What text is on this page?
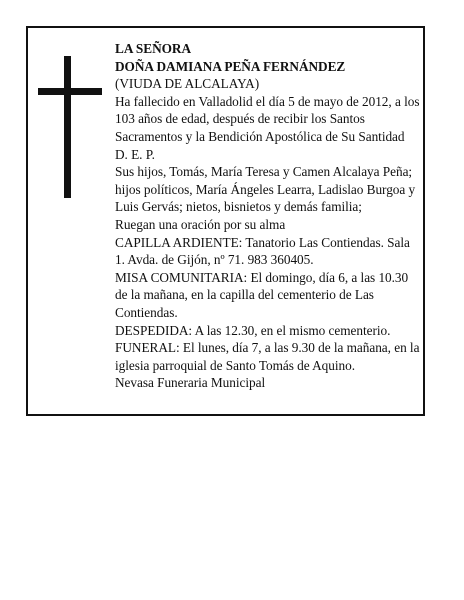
LA SEÑORA

DOÑA DAMIANA PEÑA FERNÁNDEZ

(VIUDA DE ALCALAYA)

Ha fallecido en Valladolid el día 5 de mayo de 2012, a los 103 años de edad, después de recibir los Santos Sacramentos y la Bendición Apostólica de Su Santidad

D. E. P.

Sus hijos, Tomás, María Teresa y Camen Alcalaya Peña; hijos políticos, María Ángeles Learra, Ladislao Burgoa y Luis Gervás; nietos, bisnietos y demás familia;

Ruegan una oración por su alma

CAPILLA ARDIENTE: Tanatorio Las Contiendas. Sala 1. Avda. de Gijón, nº 71. 983 360405.

MISA COMUNITARIA: El domingo, día 6, a las 10.30 de la mañana, en la capilla del cementerio de Las Contiendas.

DESPEDIDA: A las 12.30, en el mismo cementerio.

FUNERAL: El lunes, día 7, a las 9.30 de la mañana, en la iglesia parroquial de Santo Tomás de Aquino.

Nevasa Funeraria Municipal
